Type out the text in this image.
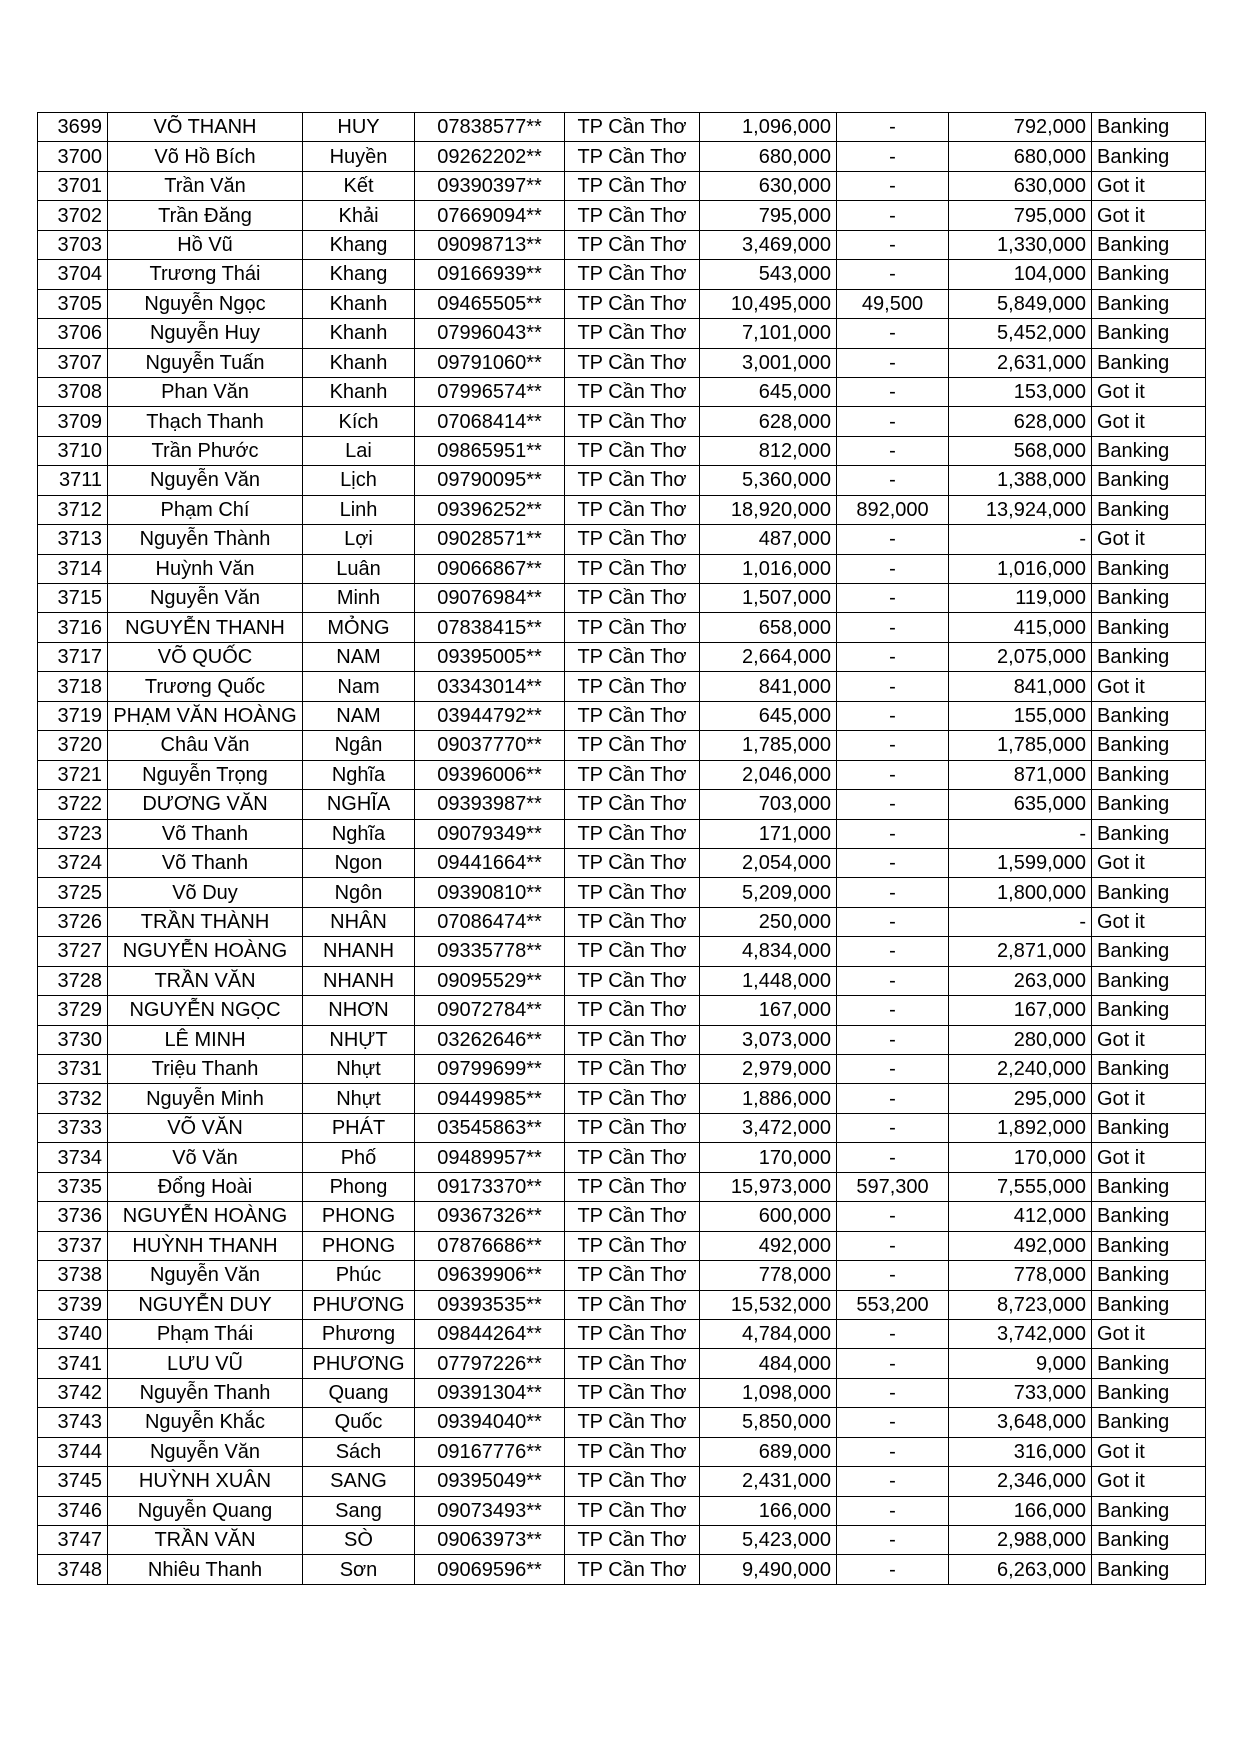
3699	VÕ THANH	HUY	07838577**	TP Cần Thơ	1,096,000	-	792,000	Banking
3700	Võ Hồ Bích	Huyền	09262202**	TP Cần Thơ	680,000	-	680,000	Banking
3701	Trần Văn	Kết	09390397**	TP Cần Thơ	630,000	-	630,000	Got it
3702	Trần Đăng	Khải	07669094**	TP Cần Thơ	795,000	-	795,000	Got it
3703	Hồ Vũ	Khang	09098713**	TP Cần Thơ	3,469,000	-	1,330,000	Banking
3704	Trương Thái	Khang	09166939**	TP Cần Thơ	543,000	-	104,000	Banking
3705	Nguyễn Ngọc	Khanh	09465505**	TP Cần Thơ	10,495,000	49,500	5,849,000	Banking
3706	Nguyễn Huy	Khanh	07996043**	TP Cần Thơ	7,101,000	-	5,452,000	Banking
3707	Nguyễn Tuấn	Khanh	09791060**	TP Cần Thơ	3,001,000	-	2,631,000	Banking
3708	Phan Văn	Khanh	07996574**	TP Cần Thơ	645,000	-	153,000	Got it
3709	Thạch Thanh	Kích	07068414**	TP Cần Thơ	628,000	-	628,000	Got it
3710	Trần Phước	Lai	09865951**	TP Cần Thơ	812,000	-	568,000	Banking
3711	Nguyễn Văn	Lịch	09790095**	TP Cần Thơ	5,360,000	-	1,388,000	Banking
3712	Phạm Chí	Linh	09396252**	TP Cần Thơ	18,920,000	892,000	13,924,000	Banking
3713	Nguyễn Thành	Lợi	09028571**	TP Cần Thơ	487,000	-	-	Got it
3714	Huỳnh Văn	Luân	09066867**	TP Cần Thơ	1,016,000	-	1,016,000	Banking
3715	Nguyễn Văn	Minh	09076984**	TP Cần Thơ	1,507,000	-	119,000	Banking
3716	NGUYỄN THANH	MỎNG	07838415**	TP Cần Thơ	658,000	-	415,000	Banking
3717	VÕ QUỐC	NAM	09395005**	TP Cần Thơ	2,664,000	-	2,075,000	Banking
3718	Trương Quốc	Nam	03343014**	TP Cần Thơ	841,000	-	841,000	Got it
3719	PHẠM VĂN HOÀNG	NAM	03944792**	TP Cần Thơ	645,000	-	155,000	Banking
3720	Châu Văn	Ngân	09037770**	TP Cần Thơ	1,785,000	-	1,785,000	Banking
3721	Nguyễn Trọng	Nghĩa	09396006**	TP Cần Thơ	2,046,000	-	871,000	Banking
3722	DƯƠNG VĂN	NGHĨA	09393987**	TP Cần Thơ	703,000	-	635,000	Banking
3723	Võ Thanh	Nghĩa	09079349**	TP Cần Thơ	171,000	-	-	Banking
3724	Võ Thanh	Ngon	09441664**	TP Cần Thơ	2,054,000	-	1,599,000	Got it
3725	Võ Duy	Ngôn	09390810**	TP Cần Thơ	5,209,000	-	1,800,000	Banking
3726	TRẦN THÀNH	NHÂN	07086474**	TP Cần Thơ	250,000	-	-	Got it
3727	NGUYỄN HOÀNG	NHANH	09335778**	TP Cần Thơ	4,834,000	-	2,871,000	Banking
3728	TRẦN VĂN	NHANH	09095529**	TP Cần Thơ	1,448,000	-	263,000	Banking
3729	NGUYỄN NGỌC	NHƠN	09072784**	TP Cần Thơ	167,000	-	167,000	Banking
3730	LÊ MINH	NHỰT	03262646**	TP Cần Thơ	3,073,000	-	280,000	Got it
3731	Triệu Thanh	Nhựt	09799699**	TP Cần Thơ	2,979,000	-	2,240,000	Banking
3732	Nguyễn Minh	Nhựt	09449985**	TP Cần Thơ	1,886,000	-	295,000	Got it
3733	VÕ VĂN	PHÁT	03545863**	TP Cần Thơ	3,472,000	-	1,892,000	Banking
3734	Võ Văn	Phố	09489957**	TP Cần Thơ	170,000	-	170,000	Got it
3735	Đổng Hoài	Phong	09173370**	TP Cần Thơ	15,973,000	597,300	7,555,000	Banking
3736	NGUYỄN HOÀNG	PHONG	09367326**	TP Cần Thơ	600,000	-	412,000	Banking
3737	HUỲNH THANH	PHONG	07876686**	TP Cần Thơ	492,000	-	492,000	Banking
3738	Nguyễn Văn	Phúc	09639906**	TP Cần Thơ	778,000	-	778,000	Banking
3739	NGUYỄN DUY	PHƯƠNG	09393535**	TP Cần Thơ	15,532,000	553,200	8,723,000	Banking
3740	Phạm Thái	Phương	09844264**	TP Cần Thơ	4,784,000	-	3,742,000	Got it
3741	LƯU VŨ	PHƯƠNG	07797226**	TP Cần Thơ	484,000	-	9,000	Banking
3742	Nguyễn Thanh	Quang	09391304**	TP Cần Thơ	1,098,000	-	733,000	Banking
3743	Nguyễn Khắc	Quốc	09394040**	TP Cần Thơ	5,850,000	-	3,648,000	Banking
3744	Nguyễn Văn	Sách	09167776**	TP Cần Thơ	689,000	-	316,000	Got it
3745	HUỲNH XUÂN	SANG	09395049**	TP Cần Thơ	2,431,000	-	2,346,000	Got it
3746	Nguyễn Quang	Sang	09073493**	TP Cần Thơ	166,000	-	166,000	Banking
3747	TRẦN VĂN	SÒ	09063973**	TP Cần Thơ	5,423,000	-	2,988,000	Banking
3748	Nhiêu Thanh	Sơn	09069596**	TP Cần Thơ	9,490,000	-	6,263,000	Banking
